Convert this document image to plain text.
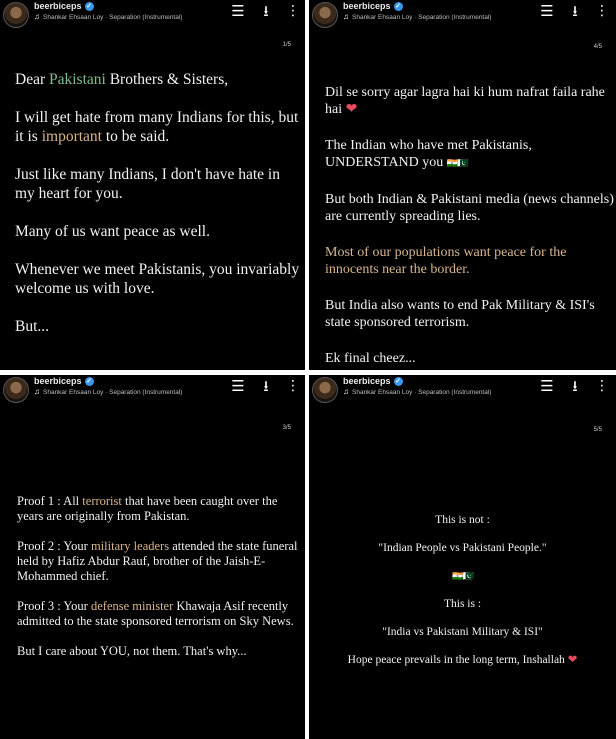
beerbiceps ✓
♫ Shankar Ehsaan Loy · Separation (Instrumental)	☰ ⭳	⋮
1/5

Dear Pakistani Brothers & Sisters,

I will get hate from many Indians for this, but it is important to be said.

Just like many Indians, I don't have hate in my heart for you.

Many of us want peace as well.

Whenever we meet Pakistanis, you invariably welcome us with love.

But...

beerbiceps ✓
♫ Shankar Ehsaan Loy · Separation (Instrumental)	☰ ⭳	⋮
4/5

Dil se sorry agar lagra hai ki hum nafrat faila rahe hai ❤

The Indian who have met Pakistanis, UNDERSTAND you 🇮🇳🇵🇰

But both Indian & Pakistani media (news channels) are currently spreading lies.

Most of our populations want peace for the innocents near the border.

But India also wants to end Pak Military & ISI's state sponsored terrorism.

Ek final cheez...

beerbiceps ✓
♫ Shankar Ehsaan Loy · Separation (Instrumental)	☰ ⭳	⋮
3/5

Proof 1 : All terrorist that have been caught over the years are originally from Pakistan.

Proof 2 : Your military leaders attended the state funeral held by Hafiz Abdur Rauf, brother of the Jaish-E-Mohammed chief.

Proof 3 : Your defense minister Khawaja Asif recently admitted to the state sponsored terrorism on Sky News.

But I care about YOU, not them. That's why...

beerbiceps ✓
♫ Shankar Ehsaan Loy · Separation (Instrumental)	☰ ⭳	⋮
5/5

This is not :

"Indian People vs Pakistani People."

🇮🇳🇵🇰

This is :

"India vs Pakistani Military & ISI"

Hope peace prevails in the long term, Inshallah ❤
